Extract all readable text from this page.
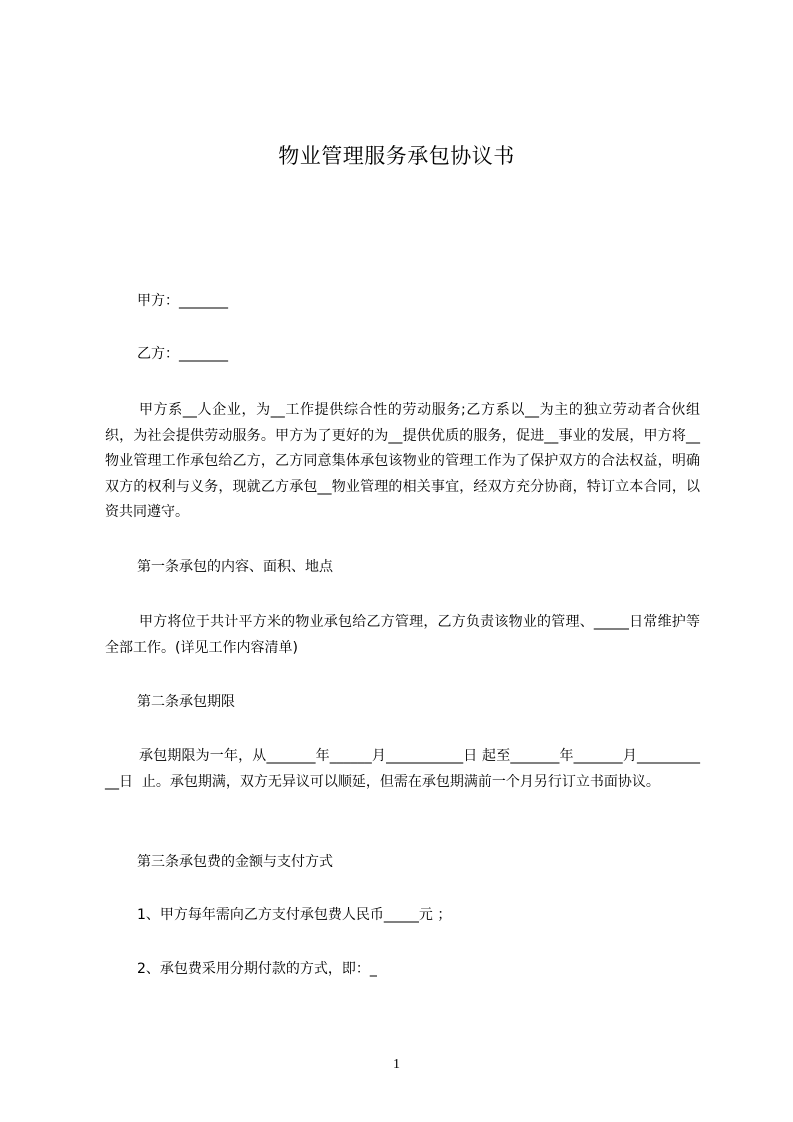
物业管理服务承包协议书
甲方：_______
乙方：_______
甲方系__人企业，为__工作提供综合性的劳动服务;乙方系以__为主的独立劳动者合伙组织，为社会提供劳动服务。甲方为了更好的为__提供优质的服务，促进__事业的发展，甲方将__物业管理工作承包给乙方，乙方同意集体承包该物业的管理工作为了保护双方的合法权益，明确双方的权利与义务，现就乙方承包__物业管理的相关事宜，经双方充分协商，特订立本合同，以资共同遵守。
第一条承包的内容、面积、地点
甲方将位于共计平方米的物业承包给乙方管理，乙方负责该物业的管理、_____日常维护等全部工作。(详见工作内容清单)
第二条承包期限
承包期限为一年，从_______年______月___________日 起至_______年_______月___________日  止。承包期满，双方无异议可以顺延，但需在承包期满前一个月另行订立书面协议。
第三条承包费的金额与支付方式
1、甲方每年需向乙方支付承包费人民币_____元 ；
2、承包费采用分期付款的方式，即：_
1
